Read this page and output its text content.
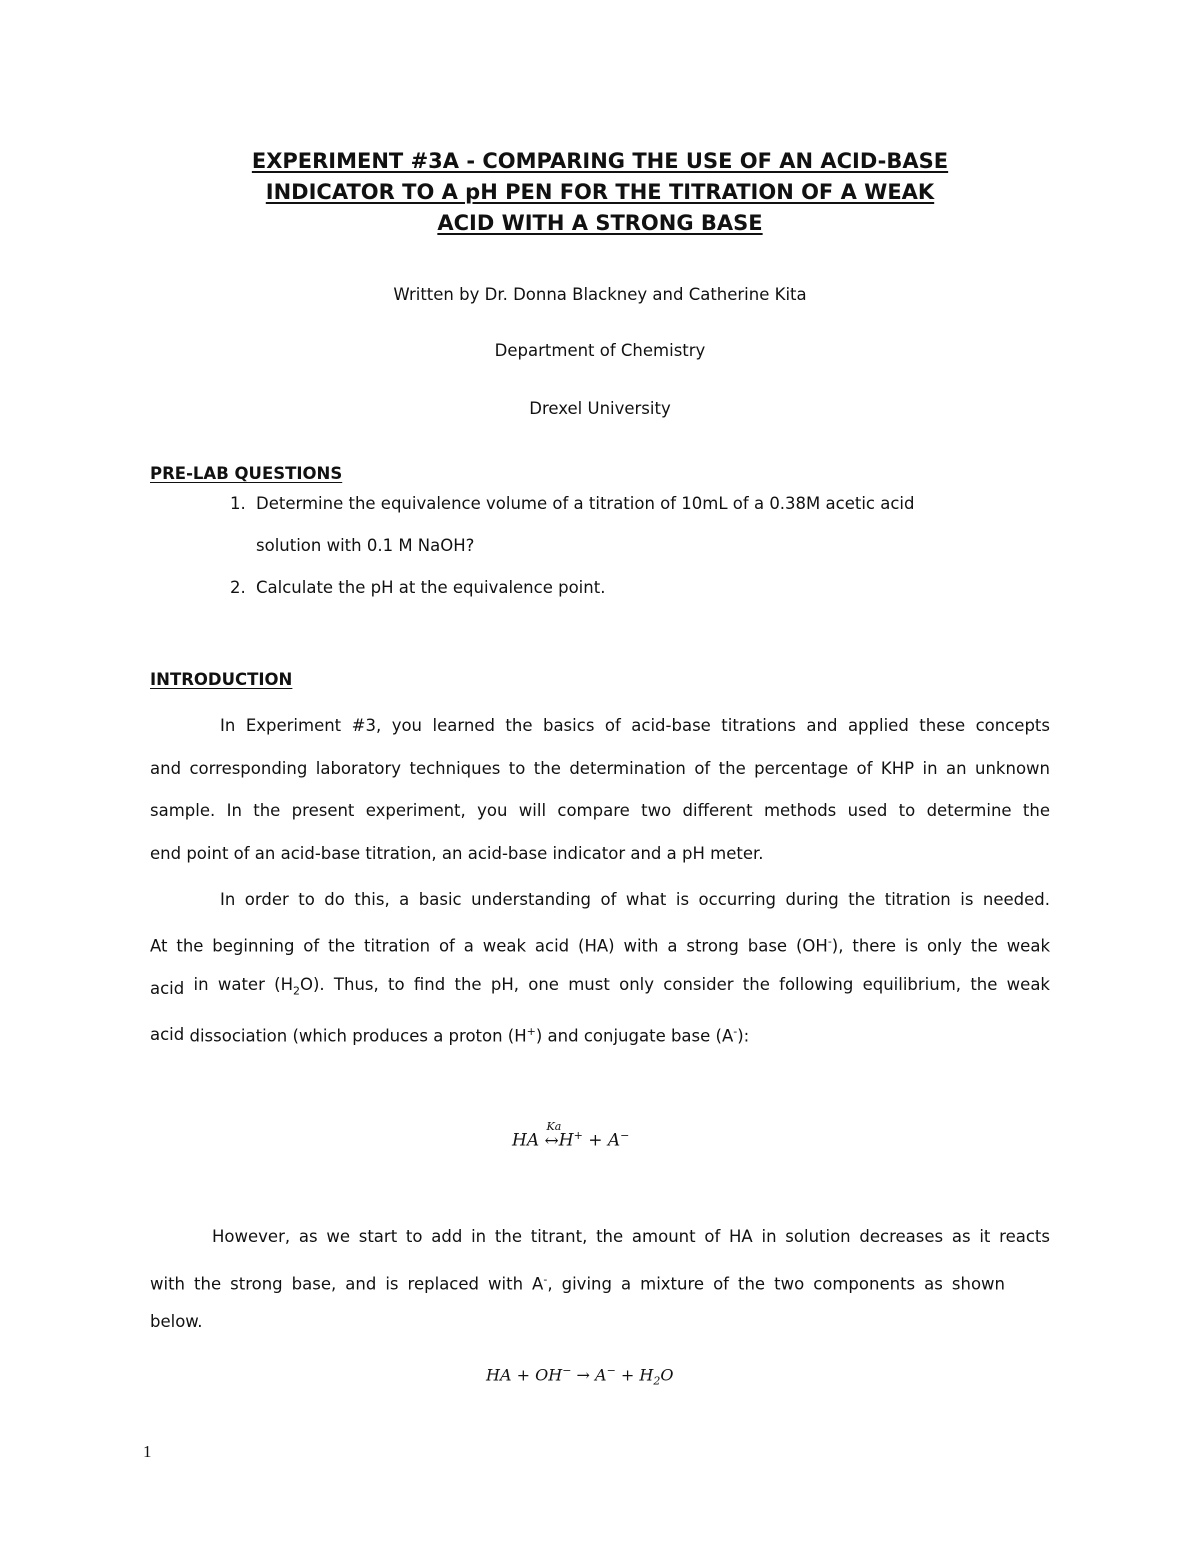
EXPERIMENT #3A - COMPARING THE USE OF AN ACID-BASE
INDICATOR TO A pH PEN FOR THE TITRATION OF A WEAK
ACID WITH A STRONG BASE
Written by Dr. Donna Blackney and Catherine Kita
Department of Chemistry
Drexel University
PRE-LAB QUESTIONS
1. Determine the equivalence volume of a titration of 10mL of a 0.38M acetic acid
solution with 0.1 M NaOH?
2. Calculate the pH at the equivalence point.
INTRODUCTION
In Experiment #3, you learned the basics of acid-base titrations and applied these concepts
and corresponding laboratory techniques to the determination of the percentage of KHP in an unknown
sample. In the present experiment, you will compare two different methods used to determine the
end point of an acid-base titration, an acid-base indicator and a pH meter.
In order to do this, a basic understanding of what is occurring during the titration is needed.
At the beginning of the titration of a weak acid (HA) with a strong base (OH-), there is only the weak
acid in water $(H_2O)$. Thus, to find the pH, one must only consider the following equilibrium, the weak
acid dissociation (which produces a proton (H+) and conjugate base (A-):
HA
Ka
↔H+ + A−
However, as we start to add in the titrant, the amount of HA in solution decreases as it reacts
with the strong base, and is replaced with A-, giving a mixture of the two components as shown
below.
HA + $OH^- \to A^- + H_2O$
1
